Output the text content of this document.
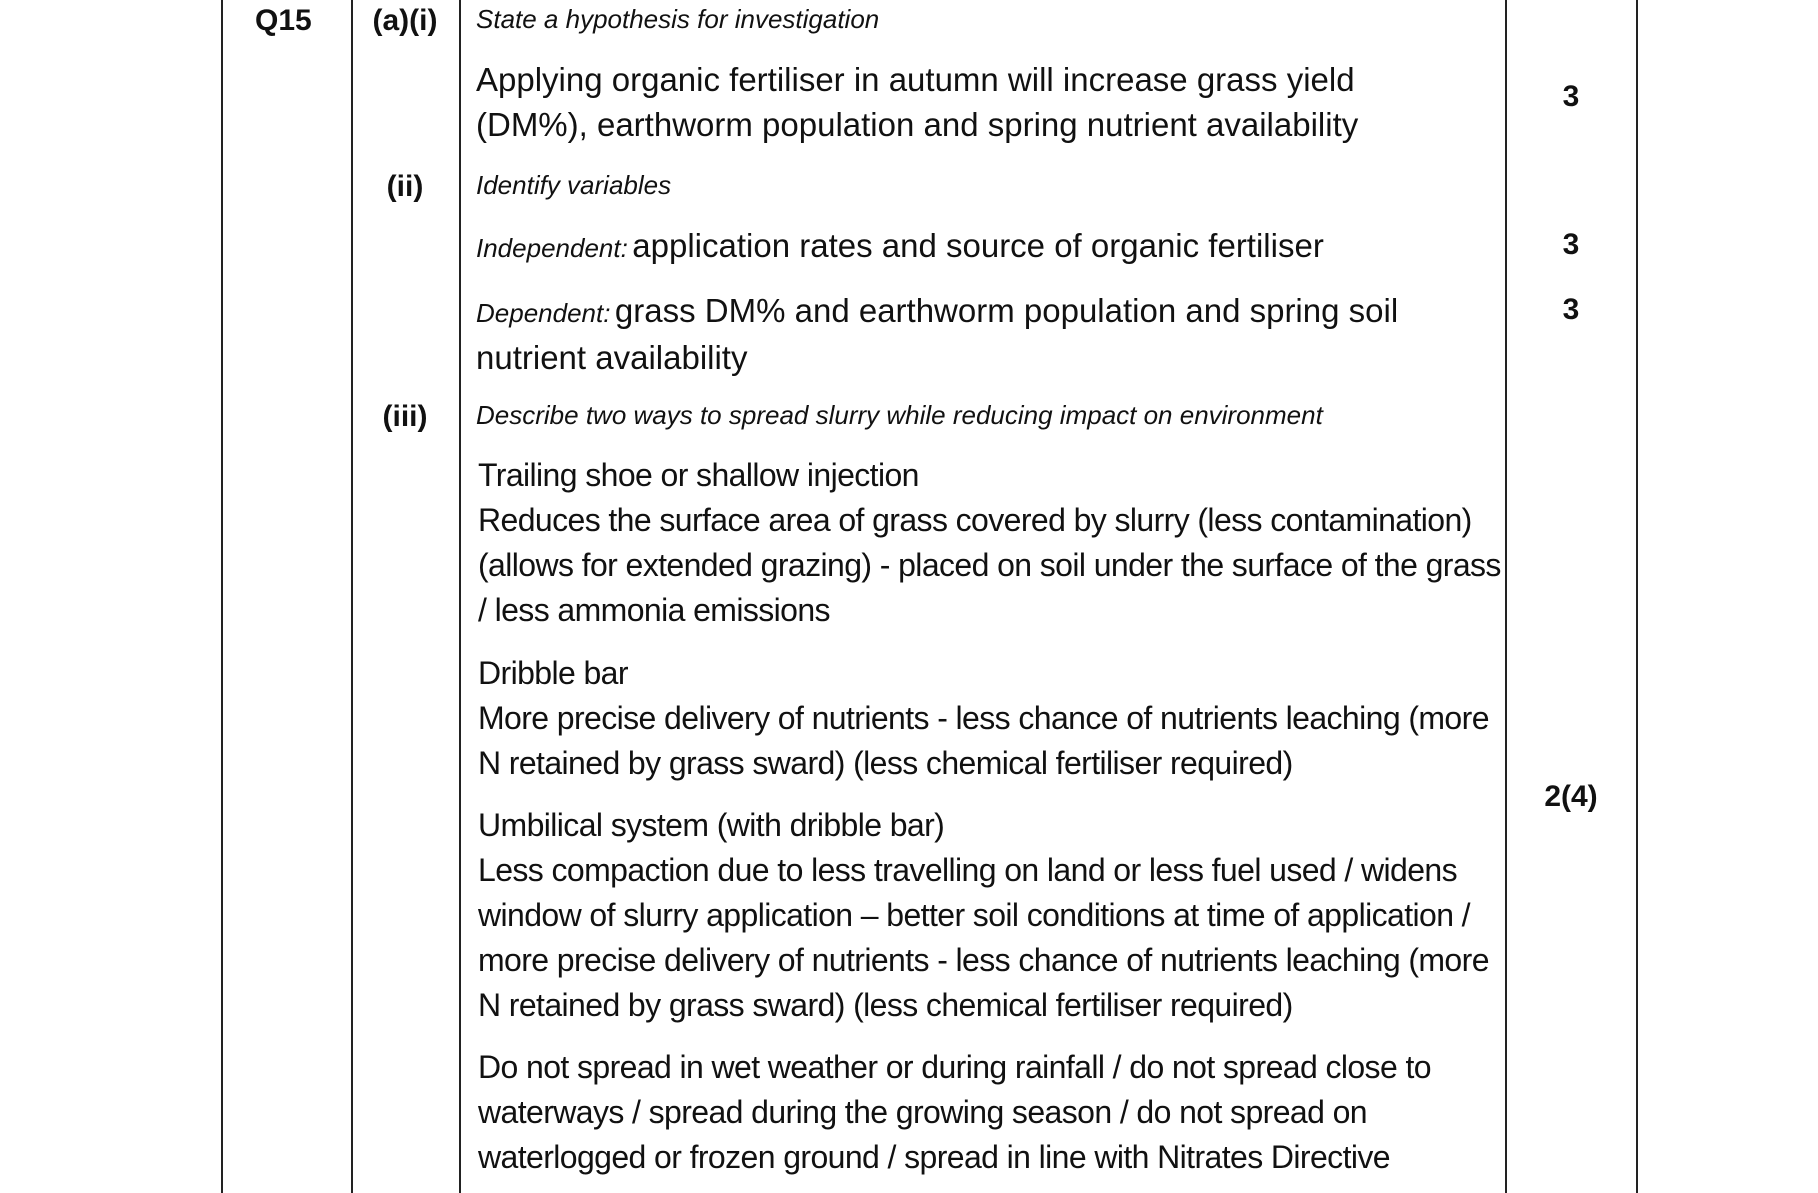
Q15	(a)(i)
(ii)
(iii)
State a hypothesis for investigation
Applying organic fertiliser in autumn will increase grass yield
(DM%), earthworm population and spring nutrient availability
3
Identify variables
Independent: application rates and source of organic fertiliser	3
Dependent: grass DM% and earthworm population and spring soil
nutrient availability
3
Describe two ways to spread slurry while reducing impact on environment
2(4)
Trailing shoe or shallow injection
Reduces the surface area of grass covered by slurry (less contamination)
(allows for extended grazing) - placed on soil under the surface of the grass
/ less ammonia emissions
Dribble bar
More precise delivery of nutrients - less chance of nutrients leaching (more
N retained by grass sward) (less chemical fertiliser required)
Umbilical system (with dribble bar)
Less compaction due to less travelling on land or less fuel used / widens
window of slurry application – better soil conditions at time of application /
more precise delivery of nutrients - less chance of nutrients leaching (more
N retained by grass sward) (less chemical fertiliser required)
Do not spread in wet weather or during rainfall / do not spread close to
waterways / spread during the growing season / do not spread on
waterlogged or frozen ground / spread in line with Nitrates Directive
